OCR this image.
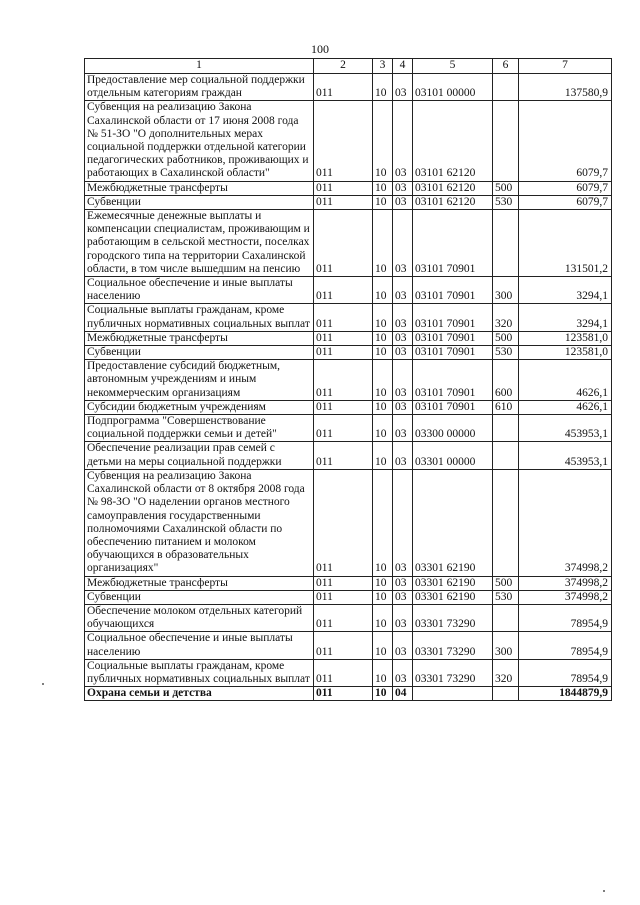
100
1	2	3	4	5	6	7
Предоставление мер социальной поддержки отдельным категориям граждан	011	10	03	03101 00000		137580,9
Субвенция на реализацию Закона Сахалинской области от 17 июня 2008 года № 51-ЗО "О дополнительных мерах социальной поддержки отдельной категории педагогических работников, проживающих и работающих в Сахалинской области"	011	10	03	03101 62120		6079,7
Межбюджетные трансферты	011	10	03	03101 62120	500	6079,7
Субвенции	011	10	03	03101 62120	530	6079,7
Ежемесячные денежные выплаты и компенсации специалистам, проживающим и работающим в сельской местности, поселках городского типа на территории Сахалинской области, в том числе вышедшим на пенсию	011	10	03	03101 70901		131501,2
Социальное обеспечение и иные выплаты населению	011	10	03	03101 70901	300	3294,1
Социальные выплаты гражданам, кроме публичных нормативных социальных выплат	011	10	03	03101 70901	320	3294,1
Межбюджетные трансферты	011	10	03	03101 70901	500	123581,0
Субвенции	011	10	03	03101 70901	530	123581,0
Предоставление субсидий бюджетным, автономным учреждениям и иным некоммерческим организациям	011	10	03	03101 70901	600	4626,1
Субсидии бюджетным учреждениям	011	10	03	03101 70901	610	4626,1
Подпрограмма "Совершенствование социальной поддержки семьи и детей"	011	10	03	03300 00000		453953,1
Обеспечение реализации прав семей с детьми на меры социальной поддержки	011	10	03	03301 00000		453953,1
Субвенция на реализацию Закона Сахалинской области от 8 октября 2008 года № 98-ЗО "О наделении органов местного самоуправления государственными полномочиями Сахалинской области по обеспечению питанием и молоком обучающихся в образовательных организациях"	011	10	03	03301 62190		374998,2
Межбюджетные трансферты	011	10	03	03301 62190	500	374998,2
Субвенции	011	10	03	03301 62190	530	374998,2
Обеспечение молоком отдельных категорий обучающихся	011	10	03	03301 73290		78954,9
Социальное обеспечение и иные выплаты населению	011	10	03	03301 73290	300	78954,9
Социальные выплаты гражданам, кроме публичных нормативных социальных выплат	011	10	03	03301 73290	320	78954,9
Охрана семьи и детства	011	10	04			1844879,9
